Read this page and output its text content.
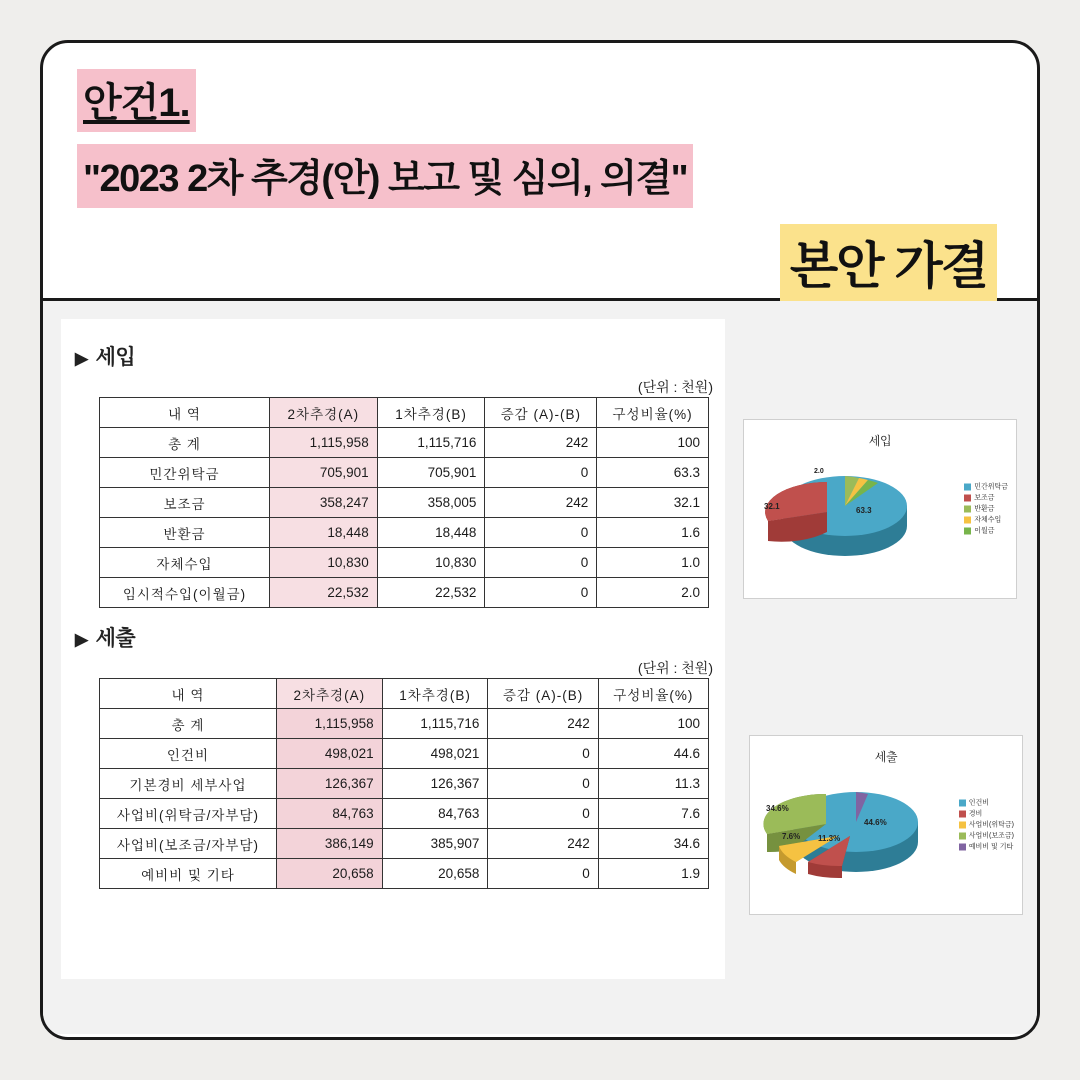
안건1.
"2023 2차 추경(안) 보고 및 심의, 의결"
본안 가결
▶ 세입
(단위 : 천원)
내 역	2차추경(A)	1차추경(B)	증감 (A)-(B)	구성비율(%)
총 계	1,115,958	1,115,716	242	100
민간위탁금	705,901	705,901	0	63.3
보조금	358,247	358,005	242	32.1
반환금	18,448	18,448	0	1.6
자체수입	10,830	10,830	0	1.0
임시적수입(이월금)	22,532	22,532	0	2.0
▶ 세출
(단위 : 천원)
내 역	2차추경(A)	1차추경(B)	증감 (A)-(B)	구성비율(%)
총 계	1,115,958	1,115,716	242	100
인건비	498,021	498,021	0	44.6
기본경비 세부사업	126,367	126,367	0	11.3
사업비(위탁금/자부담)	84,763	84,763	0	7.6
사업비(보조금/자부담)	386,149	385,907	242	34.6
예비비 및 기타	20,658	20,658	0	1.9
세입
32.1	63.3
2.0
민간위탁금
보조금
반환금
자체수입
이월금
세출
44.6%
11.3%
7.6%
34.6%
인건비
경비
사업비(위탁금)
사업비(보조금)
예비비 및 기타
